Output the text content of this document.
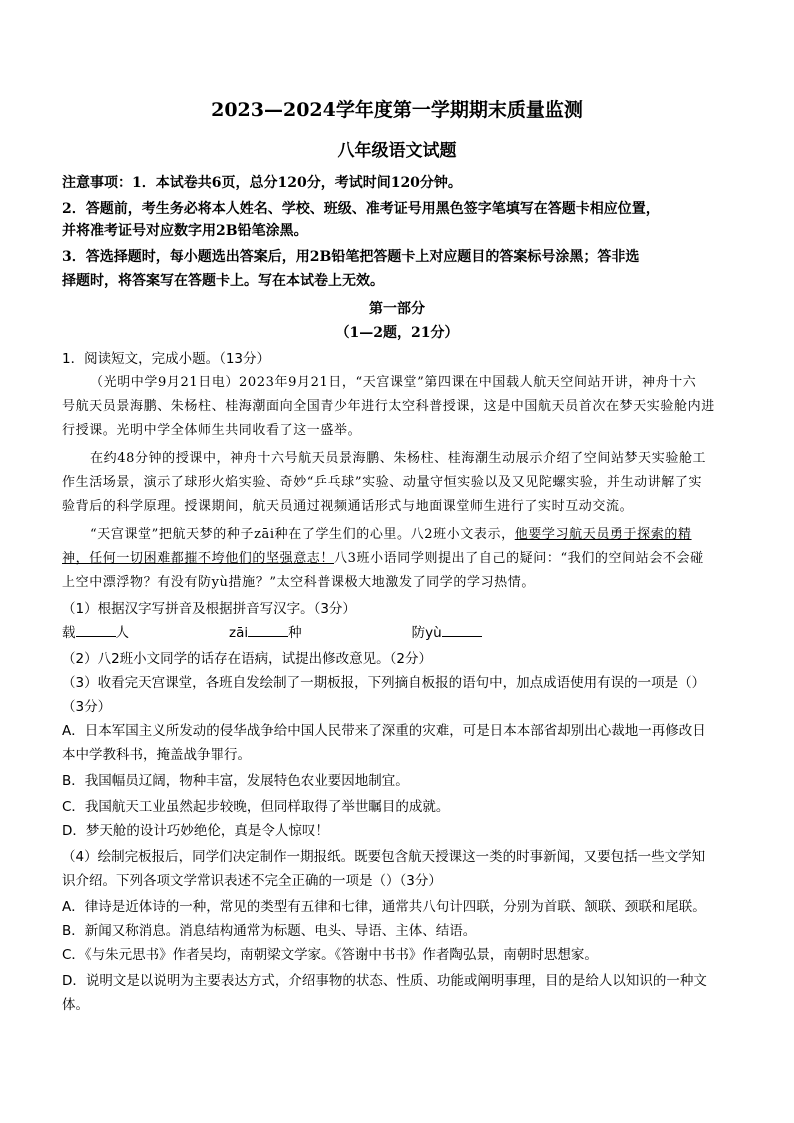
2023—2024学年度第一学期期末质量监测
八年级语文试题
注意事项：1．本试卷共6页，总分120分，考试时间120分钟。
2．答题前，考生务必将本人姓名、学校、班级、准考证号用黑色签字笔填写在答题卡相应位置，
并将准考证号对应数字用2B铅笔涂黑。
3．答选择题时，每小题选出答案后，用2B铅笔把答题卡上对应题目的答案标号涂黑；答非选
择题时，将答案写在答题卡上。写在本试卷上无效。
第一部分
（1—2题，21分）
1．阅读短文，完成小题。（13分）
（光明中学9月21日电）2023年9月21日，“天宫课堂”第四课在中国载人航天空间站开讲，神舟十六
号航天员景海鹏、朱杨柱、桂海潮面向全国青少年进行太空科普授课，这是中国航天员首次在梦天实验舱内进
行授课。光明中学全体师生共同收看了这一盛举。
在约48分钟的授课中，神舟十六号航天员景海鹏、朱杨柱、桂海潮生动展示介绍了空间站梦天实验舱工
作生活场景，演示了球形火焰实验、奇妙“乒乓球”实验、动量守恒实验以及又见陀螺实验，并生动讲解了实
验背后的科学原理。授课期间，航天员通过视频通话形式与地面课堂师生进行了实时互动交流。
“天宫课堂”把航天梦的种子zāi种在了学生们的心里。八2班小文表示，他要学习航天员勇于探索的精
神，任何一切困难都摧不垮他们的坚强意志！八3班小语同学则提出了自己的疑问：“我们的空间站会不会碰
上空中漂浮物？有没有防yù措施？”太空科普课极大地激发了同学的学习热情。
（1）根据汉字写拼音及根据拼音写汉字。（3分）
载	人	zāi	种	防yù
（2）八2班小文同学的话存在语病，试提出修改意见。（2分）
（3）收看完天宫课堂，各班自发绘制了一期板报，下列摘自板报的语句中，加点成语使用有误的一项是（）
（3分）
A．日本军国主义所发动的侵华战争给中国人民带来了深重的灾难，可是日本本部省却别出心裁地一再修改日
本中学教科书，掩盖战争罪行。
B．我国幅员辽阔，物种丰富，发展特色农业要因地制宜。
C．我国航天工业虽然起步较晚，但同样取得了举世瞩目的成就。
D．梦天舱的设计巧妙绝伦，真是令人惊叹！
（4）绘制完板报后，同学们决定制作一期报纸。既要包含航天授课这一类的时事新闻，又要包括一些文学知
识介绍。下列各项文学常识表述不完全正确的一项是（）（3分）
A．律诗是近体诗的一种，常见的类型有五律和七律，通常共八句计四联，分别为首联、颔联、颈联和尾联。
B．新闻又称消息。消息结构通常为标题、电头、导语、主体、结语。
C．《与朱元思书》作者吴均，南朝梁文学家。《答谢中书书》作者陶弘景，南朝时思想家。
D．说明文是以说明为主要表达方式，介绍事物的状态、性质、功能或阐明事理，目的是给人以知识的一种文
体。
